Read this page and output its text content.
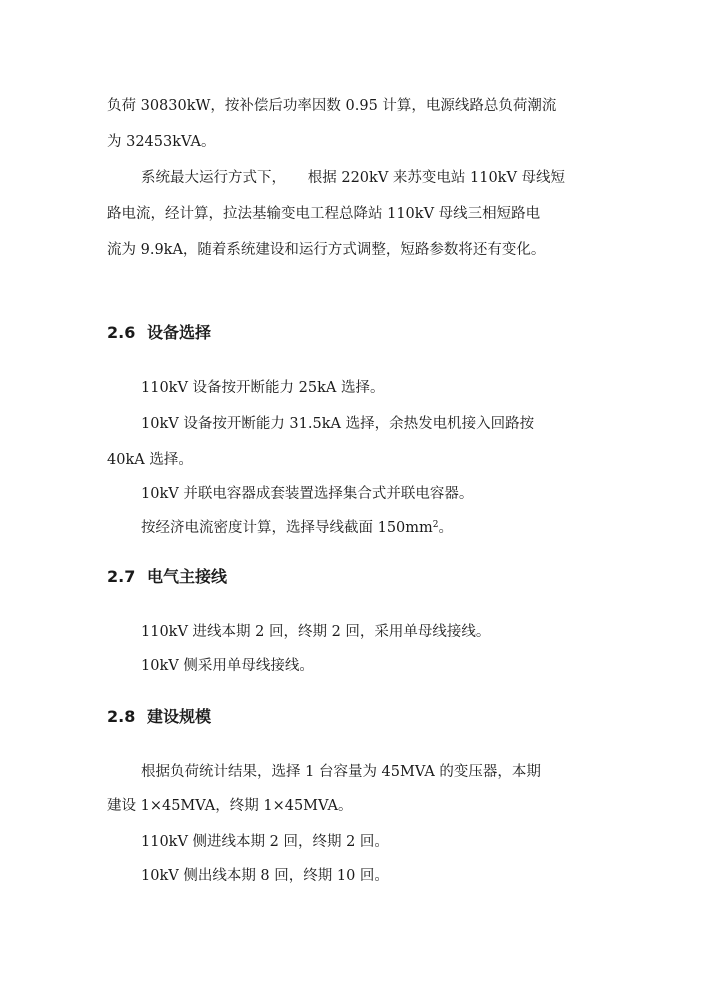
负荷 30830kW，按补偿后功率因数 0.95 计算，电源线路总负荷潮流
为 32453kVA。
系统最大运行方式下，　　根据 220kV 来苏变电站 110kV 母线短
路电流，经计算，拉法基输变电工程总降站 110kV 母线三相短路电
流为 9.9kA，随着系统建设和运行方式调整，短路参数将还有变化。
2.6 设备选择
110kV 设备按开断能力 25kA 选择。
10kV 设备按开断能力 31.5kA 选择，余热发电机接入回路按
40kA 选择。
10kV 并联电容器成套装置选择集合式并联电容器。
按经济电流密度计算，选择导线截面 $150mm^2$。
2.7 电气主接线
110kV 进线本期 2 回，终期 2 回，采用单母线接线。
10kV 侧采用单母线接线。
2.8 建设规模
根据负荷统计结果，选择 1 台容量为 45MVA 的变压器，本期
建设 1×45MVA，终期 1×45MVA。
110kV 侧进线本期 2 回，终期 2 回。
10kV 侧出线本期 8 回，终期 10 回。
